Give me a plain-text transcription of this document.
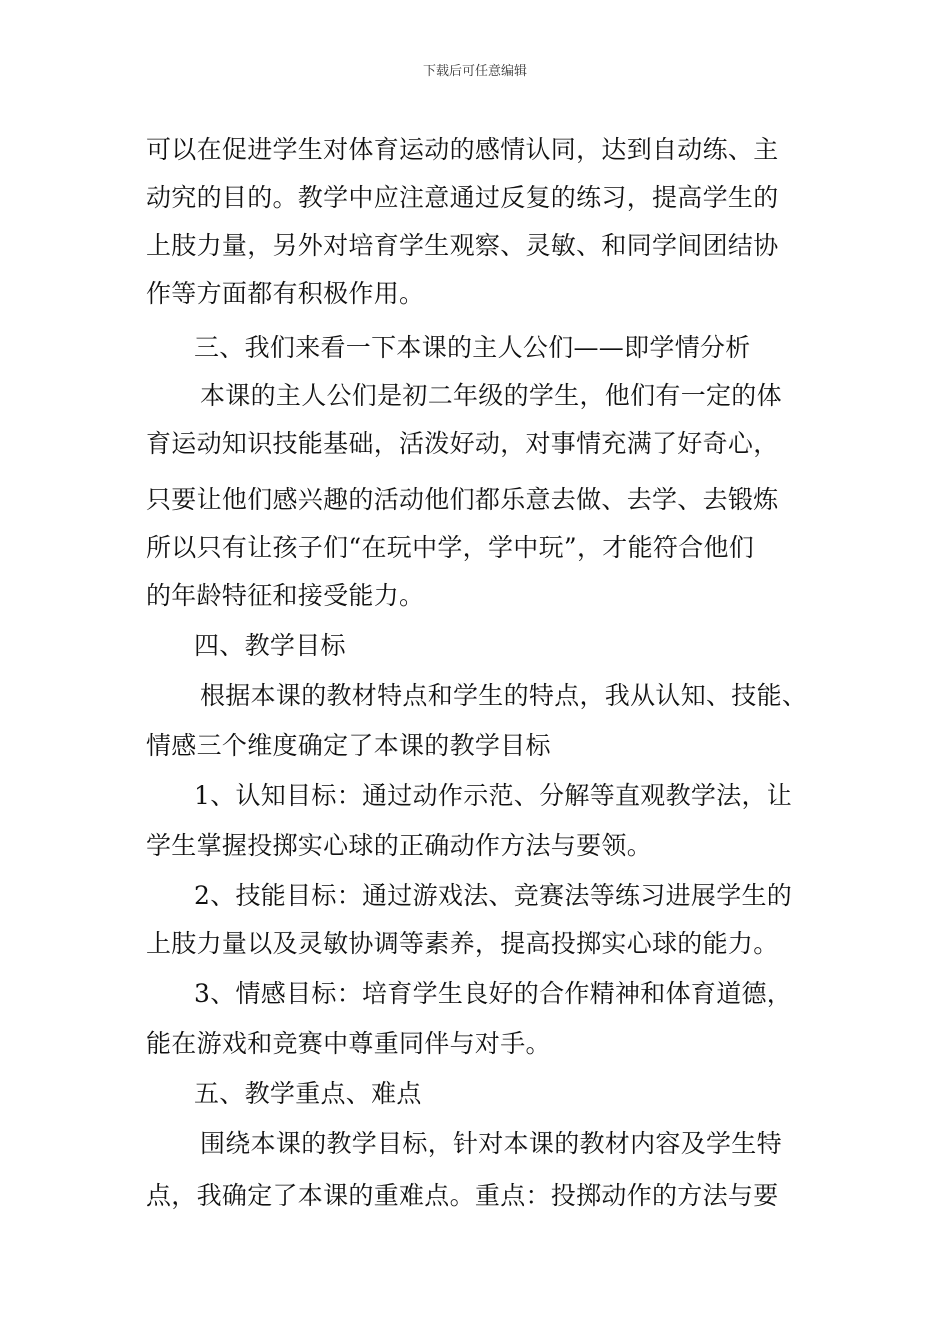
下载后可任意编辑
可以在促进学生对体育运动的感情认同，达到自动练、主
动究的目的。教学中应注意通过反复的练习，提高学生的
上肢力量，另外对培育学生观察、灵敏、和同学间团结协
作等方面都有积极作用。
三、我们来看一下本课的主人公们——即学情分析
本课的主人公们是初二年级的学生，他们有一定的体
育运动知识技能基础，活泼好动，对事情充满了好奇心，
只要让他们感兴趣的活动他们都乐意去做、去学、去锻炼
所以只有让孩子们“在玩中学，学中玩”，才能符合他们
的年龄特征和接受能力。
四、教学目标
根据本课的教材特点和学生的特点，我从认知、技能、
情感三个维度确定了本课的教学目标
1、认知目标：通过动作示范、分解等直观教学法，让
学生掌握投掷实心球的正确动作方法与要领。
2、技能目标：通过游戏法、竞赛法等练习进展学生的
上肢力量以及灵敏协调等素养，提高投掷实心球的能力。
3、情感目标：培育学生良好的合作精神和体育道德，
能在游戏和竞赛中尊重同伴与对手。
五、教学重点、难点
围绕本课的教学目标，针对本课的教材内容及学生特
点，我确定了本课的重难点。重点：投掷动作的方法与要
